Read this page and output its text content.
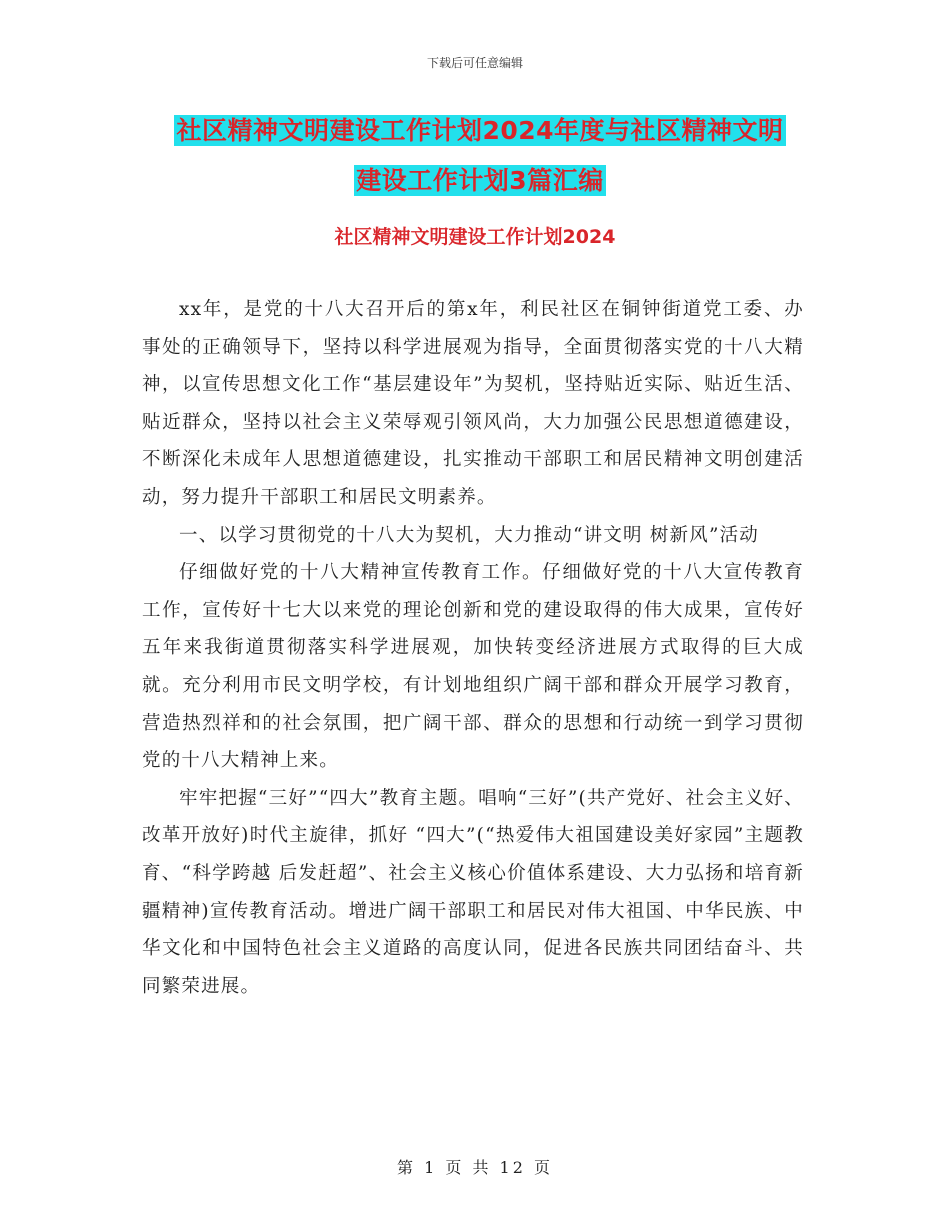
下载后可任意编辑
社区精神文明建设工作计划2024年度与社区精神文明
建设工作计划3篇汇编
社区精神文明建设工作计划2024

xx年，是党的十八大召开后的第x年，利民社区在铜钟街道党工委、办事处的正确领导下，坚持以科学进展观为指导，全面贯彻落实党的十八大精神，以宣传思想文化工作“基层建设年”为契机，坚持贴近实际、贴近生活、贴近群众，坚持以社会主义荣辱观引领风尚，大力加强公民思想道德建设，不断深化未成年人思想道德建设，扎实推动干部职工和居民精神文明创建活动，努力提升干部职工和居民文明素养。

一、以学习贯彻党的十八大为契机，大力推动“讲文明 树新风”活动

仔细做好党的十八大精神宣传教育工作。仔细做好党的十八大宣传教育工作，宣传好十七大以来党的理论创新和党的建设取得的伟大成果，宣传好五年来我街道贯彻落实科学进展观，加快转变经济进展方式取得的巨大成就。充分利用市民文明学校，有计划地组织广阔干部和群众开展学习教育，营造热烈祥和的社会氛围，把广阔干部、群众的思想和行动统一到学习贯彻党的十八大精神上来。

牢牢把握“三好”“四大”教育主题。唱响“三好”(共产党好、社会主义好、改革开放好)时代主旋律，抓好 “四大”(“热爱伟大祖国建设美好家园”主题教育、“科学跨越 后发赶超”、社会主义核心价值体系建设、大力弘扬和培育新疆精神)宣传教育活动。增进广阔干部职工和居民对伟大祖国、中华民族、中华文化和中国特色社会主义道路的高度认同，促进各民族共同团结奋斗、共同繁荣进展。

第 1 页 共 12 页
